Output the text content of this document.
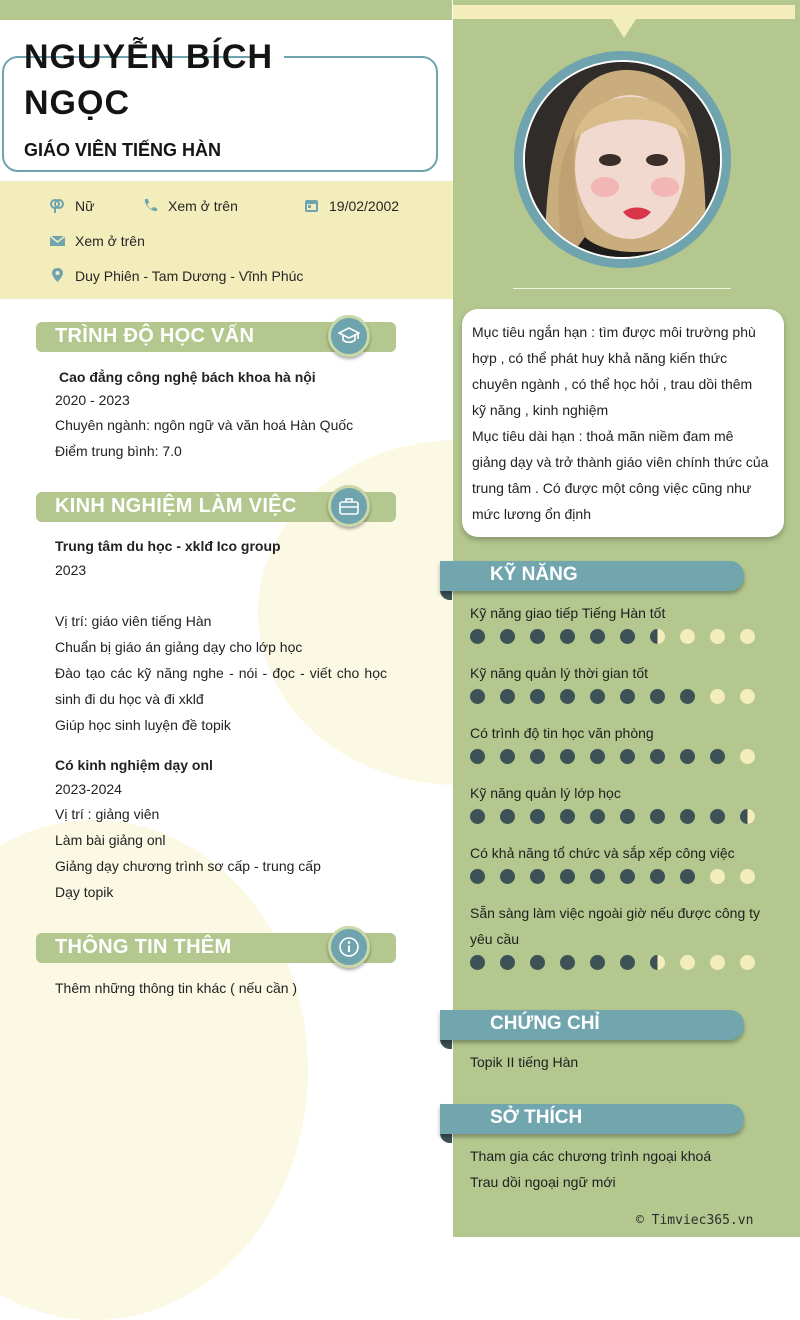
NGUYỄN BÍCH NGỌC
GIÁO VIÊN TIẾNG HÀN
Nữ	Xem ở trên	19/02/2002
Xem ở trên
Duy Phiên - Tam Dương - Vĩnh Phúc
TRÌNH ĐỘ HỌC VẤN
Cao đẳng công nghệ bách khoa hà nội
2020 - 2023
Chuyên ngành: ngôn ngữ và văn hoá Hàn Quốc
Điểm trung bình: 7.0
KINH NGHIỆM LÀM VIỆC
Trung tâm du học - xklđ Ico group
2023
Vị trí: giáo viên tiếng Hàn
Chuẩn bị giáo án giảng dạy cho lớp học
Đào tạo các kỹ năng nghe - nói - đọc - viết cho học
sinh đi du học và đi xklđ
Giúp học sinh luyện đề topik
Có kinh nghiệm dạy onl
2023-2024
Vị trí : giảng viên
Làm bài giảng onl
Giảng dạy chương trình sơ cấp - trung cấp
Dạy topik
THÔNG TIN THÊM
Thêm những thông tin khác ( nếu cần )
Mục tiêu ngắn hạn : tìm được môi trường phù
hợp , có thể phát huy khả năng kiến thức
chuyên ngành , có thể học hỏi , trau dồi thêm
kỹ năng , kinh nghiệm
Mục tiêu dài hạn : thoả mãn niềm đam mê
giảng dạy và trở thành giáo viên chính thức của
trung tâm . Có được một công việc cũng như
mức lương ổn định
KỸ NĂNG
Kỹ năng giao tiếp Tiếng Hàn tốt
Kỹ năng quản lý thời gian tốt
Có trình độ tin học văn phòng
Kỹ năng quản lý lớp học
Có khả năng tổ chức và sắp xếp công việc
Sẵn sàng làm việc ngoài giờ nếu được công ty yêu cầu
CHỨNG CHỈ
Topik II tiếng Hàn
SỞ THÍCH
Tham gia các chương trình ngoại khoá
Trau dồi ngoại ngữ mới
© Timviec365.vn
